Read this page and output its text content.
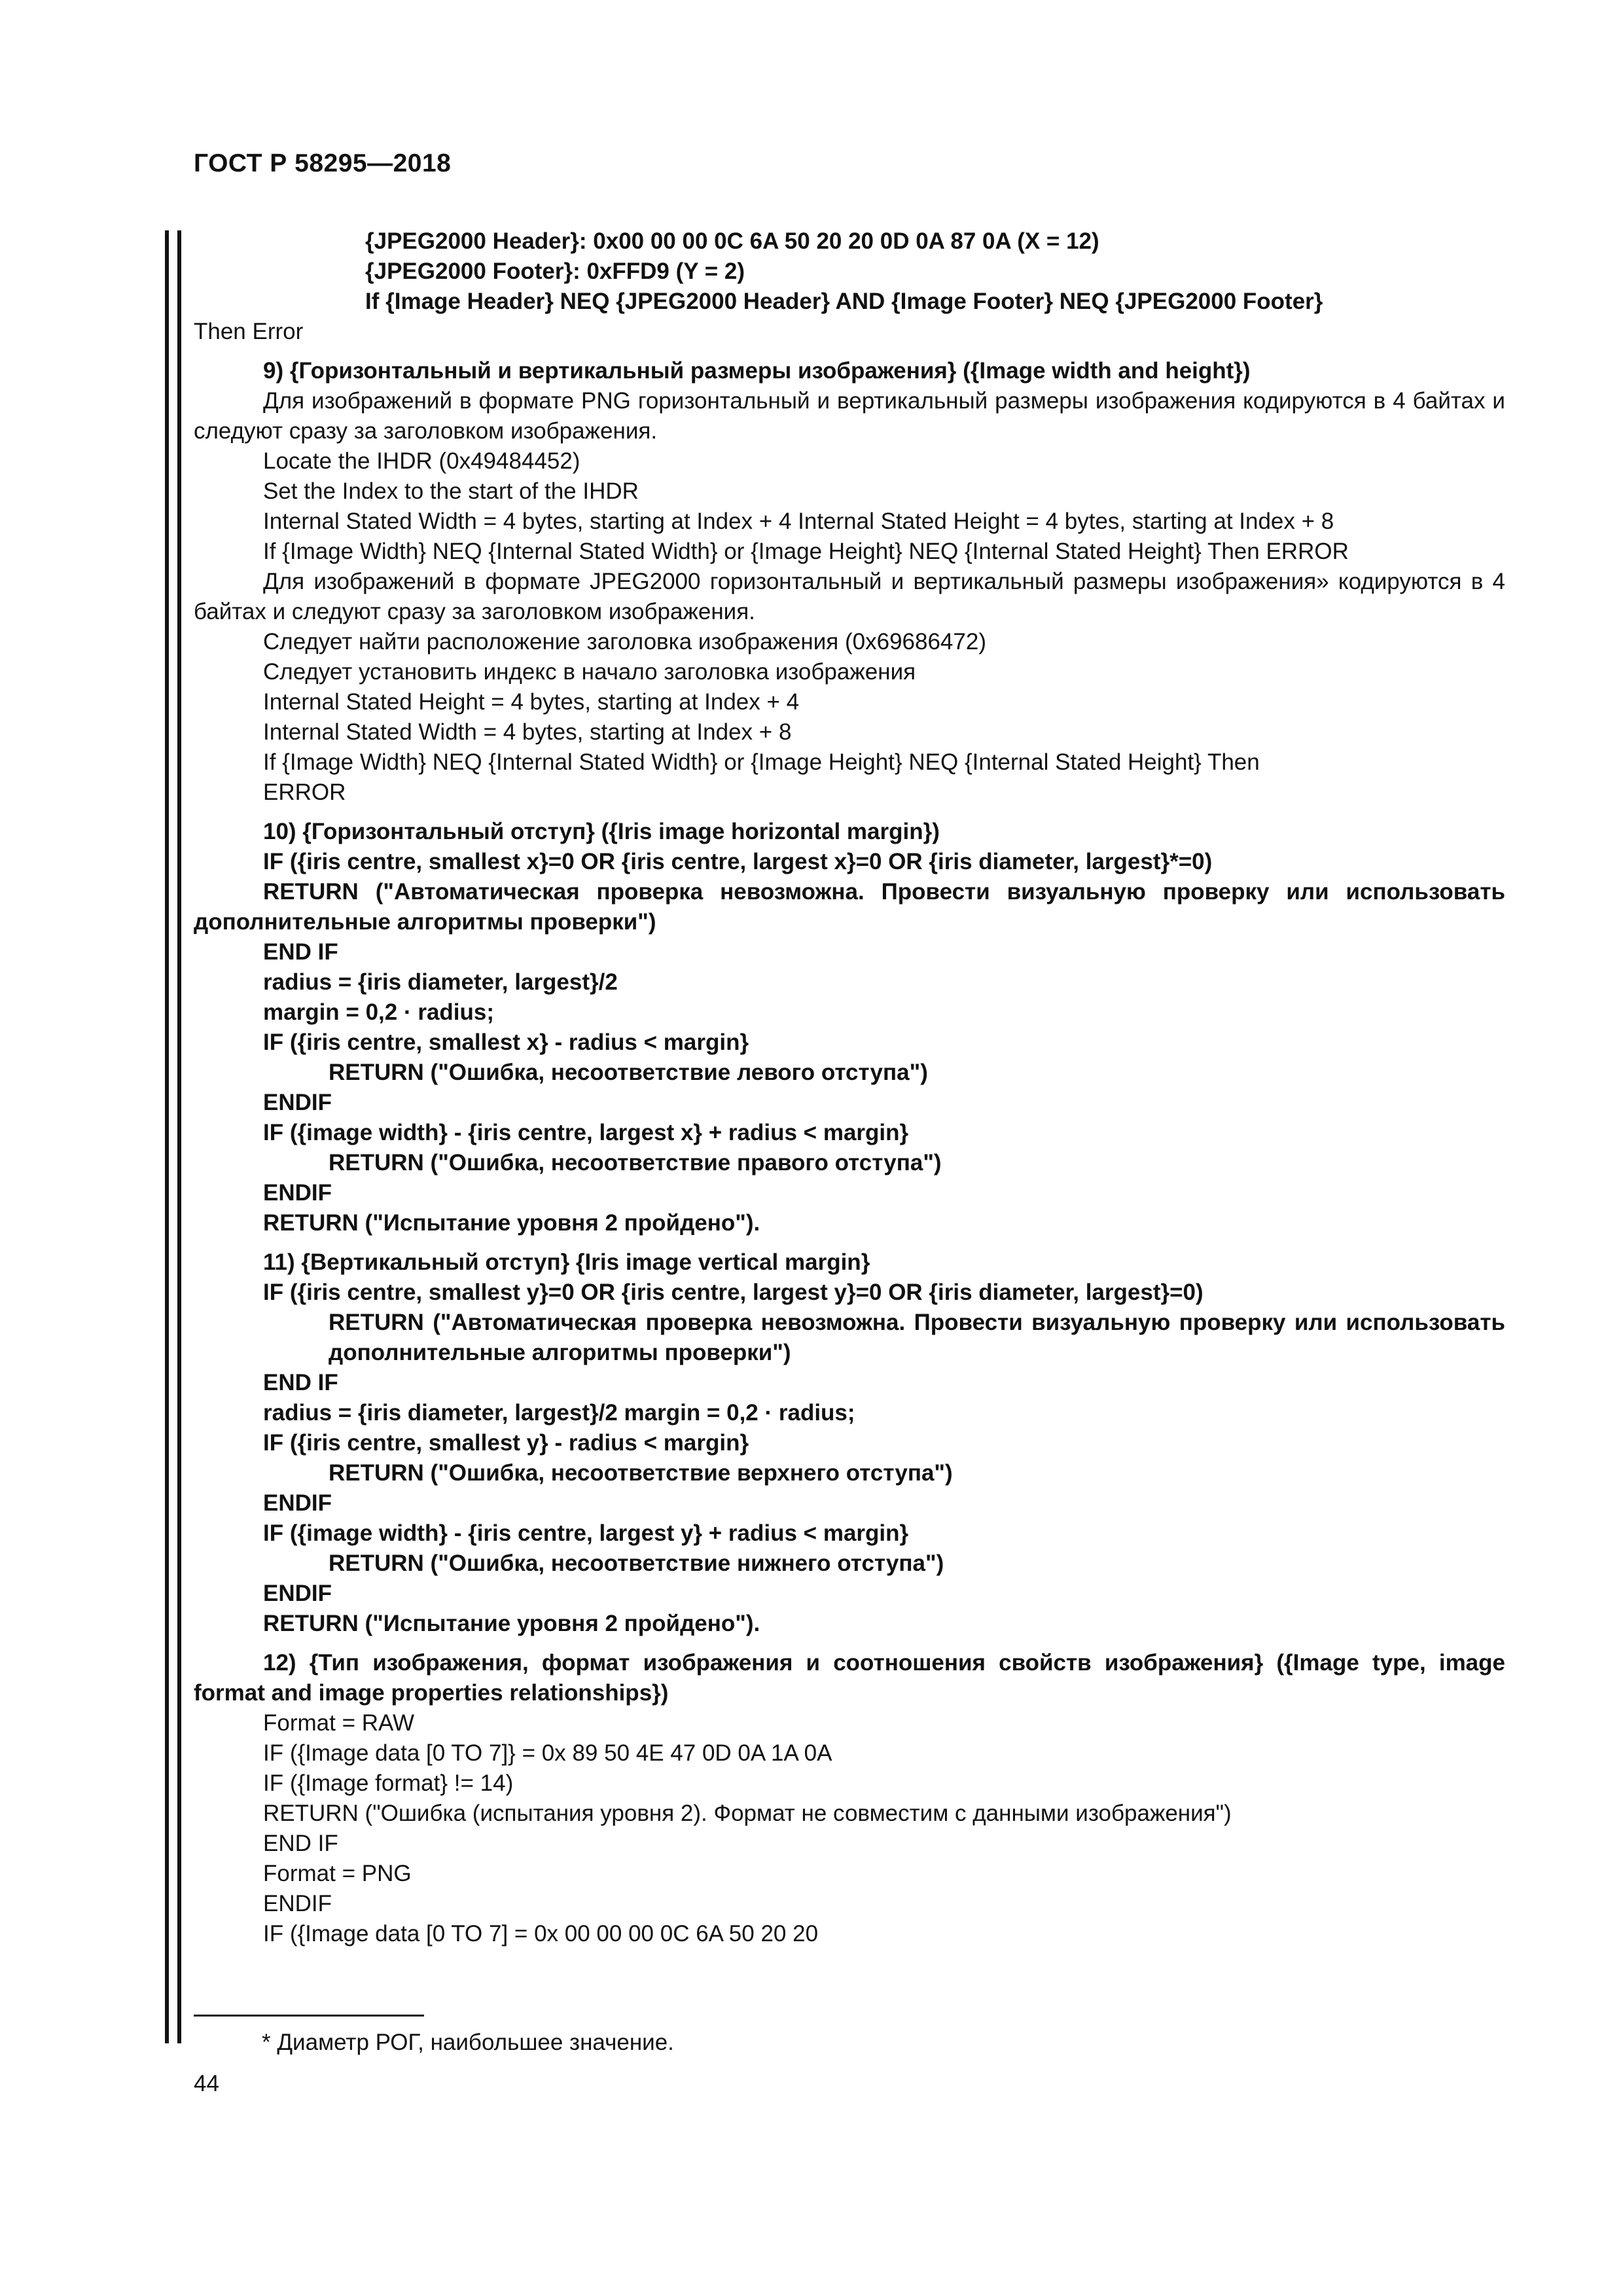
ГОСТ Р 58295—2018

{JPEG2000 Header}: 0x00 00 00 0C 6A 50 20 20 0D 0A 87 0A (X = 12)

{JPEG2000 Footer}: 0xFFD9 (Y = 2)

If {Image Header} NEQ {JPEG2000 Header} AND {Image Footer} NEQ {JPEG2000 Footer}

Then Error

9) {Горизонтальный и вертикальный размеры изображения} ({Image width and height})

Для изображений в формате PNG горизонтальный и вертикальный размеры изображения кодируются в 4 байтах и следуют сразу за заголовком изображения.

Locate the IHDR (0x49484452)

Set the Index to the start of the IHDR

Internal Stated Width = 4 bytes, starting at Index + 4 Internal Stated Height = 4 bytes, starting at Index + 8

If {Image Width} NEQ {Internal Stated Width} or {Image Height} NEQ {Internal Stated Height} Then ERROR

Для изображений в формате JPEG2000 горизонтальный и вертикальный размеры изображения» кодируются в 4 байтах и следуют сразу за заголовком изображения.

Следует найти расположение заголовка изображения (0x69686472)

Следует установить индекс в начало заголовка изображения

Internal Stated Height = 4 bytes, starting at Index + 4

Internal Stated Width = 4 bytes, starting at Index + 8

If {Image Width} NEQ {Internal Stated Width} or {Image Height} NEQ {Internal Stated Height} Then

ERROR

10) {Горизонтальный отступ} ({Iris image horizontal margin})

IF ({iris centre, smallest x}=0 OR {iris centre, largest x}=0 OR {iris diameter, largest}*=0)

RETURN ("Автоматическая проверка невозможна. Провести визуальную проверку или использовать дополнительные алгоритмы проверки")

END IF

radius = {iris diameter, largest}/2

margin = 0,2 · radius;

IF ({iris centre, smallest x} - radius < margin}

RETURN ("Ошибка, несоответствие левого отступа")

ENDIF

IF ({image width} - {iris centre, largest x} + radius < margin}

RETURN ("Ошибка, несоответствие правого отступа")

ENDIF

RETURN ("Испытание уровня 2 пройдено").

11) {Вертикальный отступ} {Iris image vertical margin}

IF ({iris centre, smallest y}=0 OR {iris centre, largest y}=0 OR {iris diameter, largest}=0)

RETURN ("Автоматическая проверка невозможна. Провести визуальную проверку или использовать дополнительные алгоритмы проверки")

END IF

radius = {iris diameter, largest}/2 margin = 0,2 · radius;

IF ({iris centre, smallest y} - radius < margin}

RETURN ("Ошибка, несоответствие верхнего отступа")

ENDIF

IF ({image width} - {iris centre, largest y} + radius < margin}

RETURN ("Ошибка, несоответствие нижнего отступа")

ENDIF

RETURN ("Испытание уровня 2 пройдено").

12) {Тип изображения, формат изображения и соотношения свойств изображения} ({Image type, image format and image properties relationships})

Format = RAW

IF ({Image data [0 TO 7]} = 0x 89 50 4E 47 0D 0A 1A 0A

IF ({Image format} != 14)

RETURN ("Ошибка (испытания уровня 2). Формат не совместим с данными изображения")

END IF

Format = PNG

ENDIF

IF ({Image data [0 TO 7] = 0x 00 00 00 0C 6A 50 20 20

* Диаметр РОГ, наибольшее значение.
44
